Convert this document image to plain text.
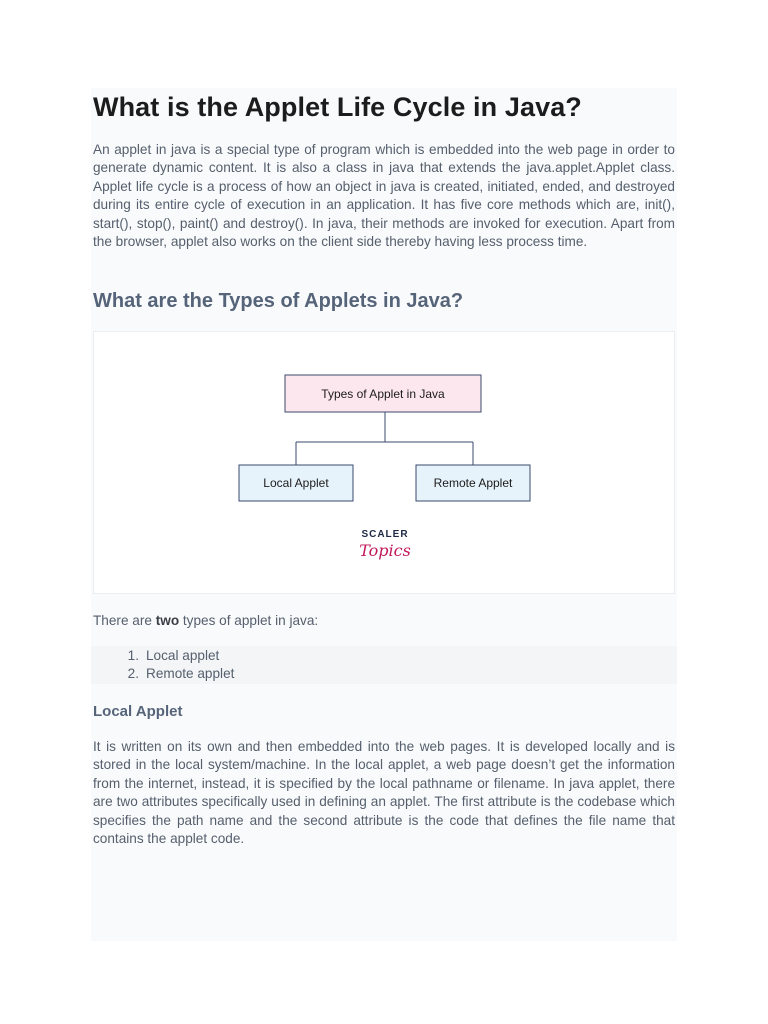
What is the Applet Life Cycle in Java?

An applet in java is a special type of program which is embedded into the web page in order to generate dynamic content. It is also a class in java that extends the java.applet.Applet class. Applet life cycle is a process of how an object in java is created, initiated, ended, and destroyed during its entire cycle of execution in an application. It has five core methods which are, init(), start(), stop(), paint() and destroy(). In java, their methods are invoked for execution. Apart from the browser, applet also works on the client side thereby having less process time.

What are the Types of Applets in Java?
Types of Applet in Java
Local Applet	Remote Applet
SCALER
Topics

There are two types of applet in java:

1. Local applet
2. Remote applet
Local Applet

It is written on its own and then embedded into the web pages. It is developed locally and is stored in the local system/machine. In the local applet, a web page doesn’t get the information from the internet, instead, it is specified by the local pathname or filename. In java applet, there are two attributes specifically used in defining an applet. The first attribute is the codebase which specifies the path name and the second attribute is the code that defines the file name that contains the applet code.
